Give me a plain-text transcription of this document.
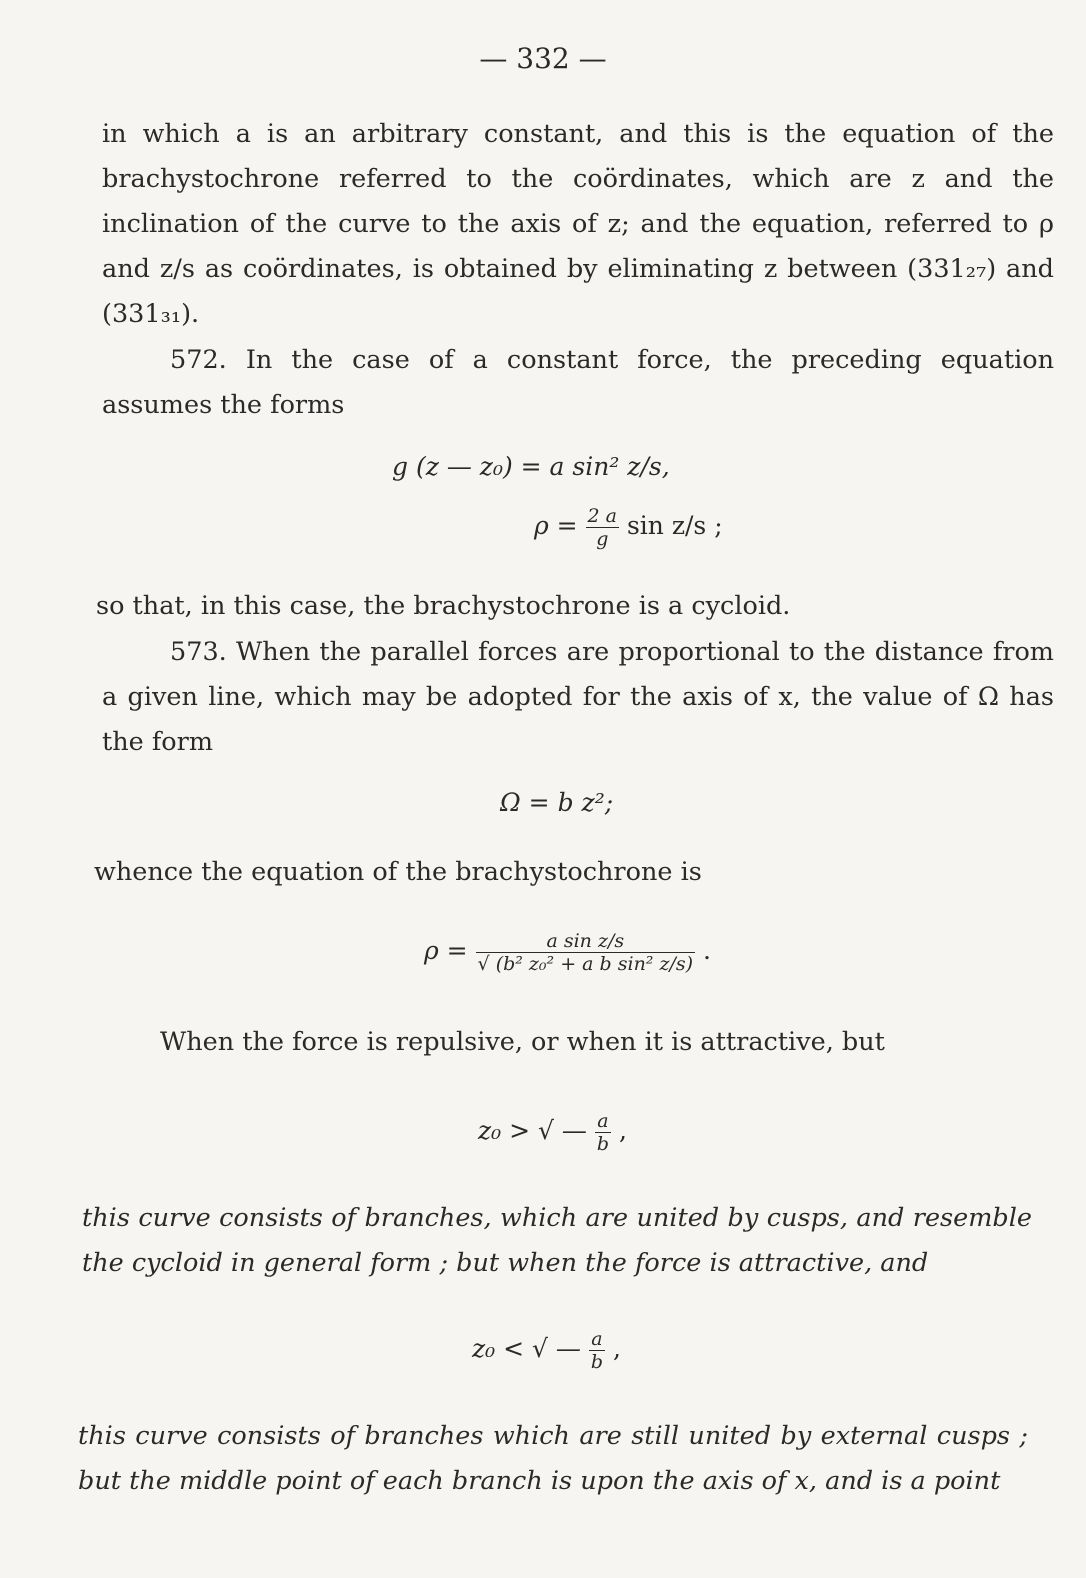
— 332 —
in which a is an arbitrary constant, and this is the equation of the brachystochrone referred to the coördinates, which are z and the inclination of the curve to the axis of z; and the equation, referred to ρ and z/s as coördinates, is obtained by eliminating z between (331₂₇) and (331₃₁).
572. In the case of a constant force, the preceding equation assumes the forms
g (z — z₀) = a sin² z/s,
$\rho = \frac{2 a}{g}$ sin z/s ;
so that, in this case, the brachystochrone is a cycloid.
573. When the parallel forces are proportional to the distance from a given line, which may be adopted for the axis of x, the value of Ω has the form
Ω = b z²;
whence the equation of the brachystochrone is
$\rho = \frac{\text{a sin z/s}}{\text{√ (b² z₀² + a b sin² z/s)}}$ .
When the force is repulsive, or when it is attractive, but
z₀ > √ — $\frac{a}{b}$ ,
this curve consists of branches, which are united by cusps, and resemble the cycloid in general form ; but when the force is attractive, and
z₀ < √ — $\frac{a}{b}$ ,
this curve consists of branches which are still united by external cusps ; but the middle point of each branch is upon the axis of x, and is a point
